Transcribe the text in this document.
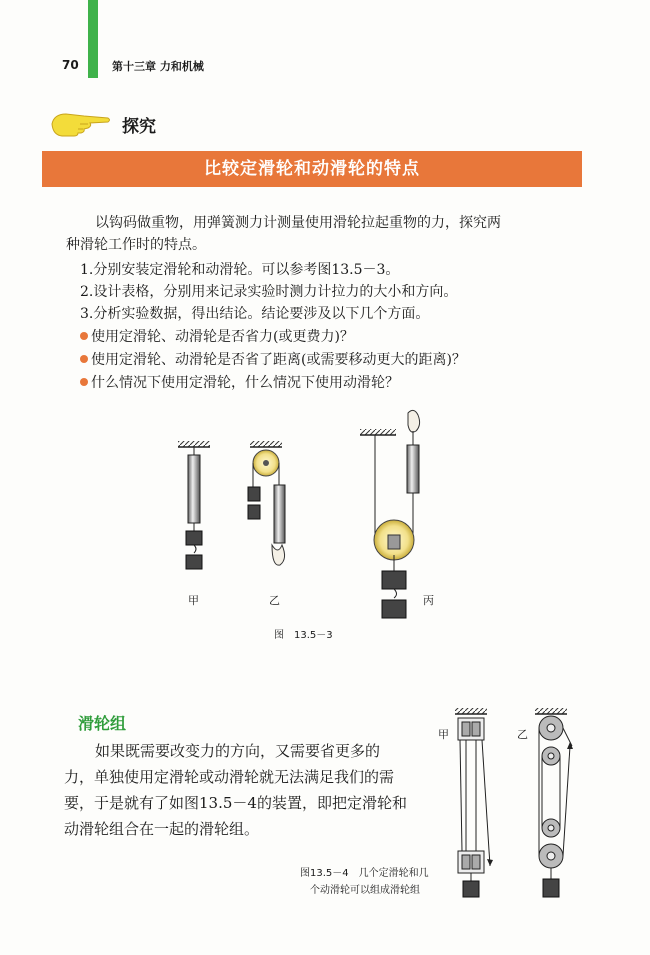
70	第十三章 力和机械
探究
比较定滑轮和动滑轮的特点
以钩码做重物，用弹簧测力计测量使用滑轮拉起重物的力，探究两
种滑轮工作时的特点。
1.分别安装定滑轮和动滑轮。可以参考图13.5－3。
2.设计表格，分别用来记录实验时测力计拉力的大小和方向。
3.分析实验数据，得出结论。结论要涉及以下几个方面。
使用定滑轮、动滑轮是否省力(或更费力)？
使用定滑轮、动滑轮是否省了距离(或需要移动更大的距离)？
什么情况下使用定滑轮，什么情况下使用动滑轮？
甲	乙	丙
图　13.5－3
滑轮组
如果既需要改变力的方向，又需要省更多的
力，单独使用定滑轮或动滑轮就无法满足我们的需
要，于是就有了如图13.5－4的装置，即把定滑轮和
动滑轮组合在一起的滑轮组。
甲	乙
图13.5－4　几个定滑轮和几
个动滑轮可以组成滑轮组
